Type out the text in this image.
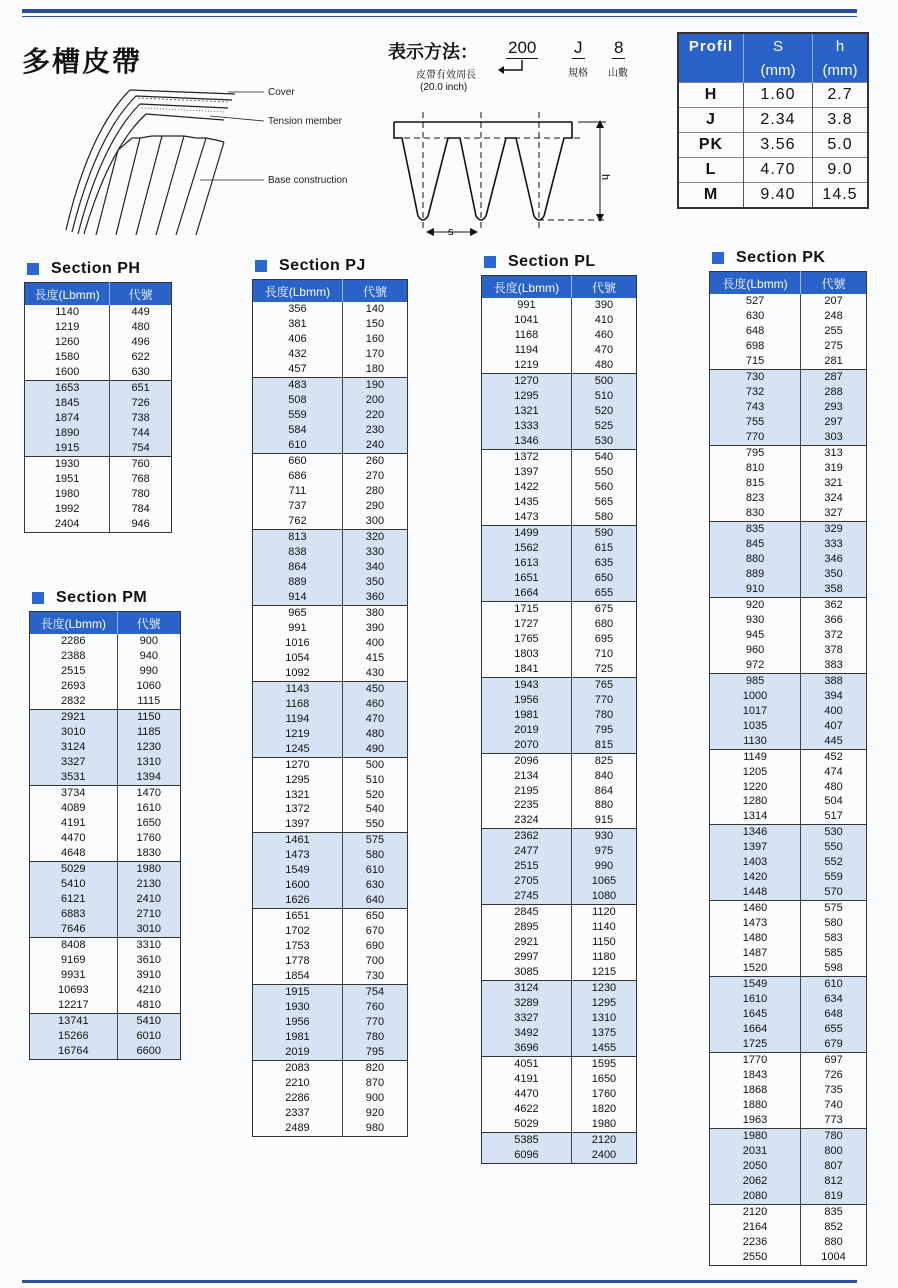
多槽皮帶
Cover
Tension member
Base construction
表示方法： 200 J 8
皮帶有效周長
(20.0 inch)
規格 山數
s
h
Profil	S	h
	(mm)	(mm)
H	1.60	2.7
J	2.34	3.8
PK	3.56	5.0
L	4.70	9.0
M	9.40	14.5
Section PH
長度(Lbmm)	代號
1140	449
1219	480
1260	496
1580	622
1600	630
1653	651
1845	726
1874	738
1890	744
1915	754
1930	760
1951	768
1980	780
1992	784
2404	946
Section PM
長度(Lbmm)	代號
2286	900
2388	940
2515	990
2693	1060
2832	1115
2921	1150
3010	1185
3124	1230
3327	1310
3531	1394
3734	1470
4089	1610
4191	1650
4470	1760
4648	1830
5029	1980
5410	2130
6121	2410
6883	2710
7646	3010
8408	3310
9169	3610
9931	3910
10693	4210
12217	4810
13741	5410
15266	6010
16764	6600
Section PJ
長度(Lbmm)	代號
356	140
381	150
406	160
432	170
457	180
483	190
508	200
559	220
584	230
610	240
660	260
686	270
711	280
737	290
762	300
813	320
838	330
864	340
889	350
914	360
965	380
991	390
1016	400
1054	415
1092	430
1143	450
1168	460
1194	470
1219	480
1245	490
1270	500
1295	510
1321	520
1372	540
1397	550
1461	575
1473	580
1549	610
1600	630
1626	640
1651	650
1702	670
1753	690
1778	700
1854	730
1915	754
1930	760
1956	770
1981	780
2019	795
2083	820
2210	870
2286	900
2337	920
2489	980
Section PL
長度(Lbmm)	代號
991	390
1041	410
1168	460
1194	470
1219	480
1270	500
1295	510
1321	520
1333	525
1346	530
1372	540
1397	550
1422	560
1435	565
1473	580
1499	590
1562	615
1613	635
1651	650
1664	655
1715	675
1727	680
1765	695
1803	710
1841	725
1943	765
1956	770
1981	780
2019	795
2070	815
2096	825
2134	840
2195	864
2235	880
2324	915
2362	930
2477	975
2515	990
2705	1065
2745	1080
2845	1120
2895	1140
2921	1150
2997	1180
3085	1215
3124	1230
3289	1295
3327	1310
3492	1375
3696	1455
4051	1595
4191	1650
4470	1760
4622	1820
5029	1980
5385	2120
6096	2400
Section PK
長度(Lbmm)	代號
527	207
630	248
648	255
698	275
715	281
730	287
732	288
743	293
755	297
770	303
795	313
810	319
815	321
823	324
830	327
835	329
845	333
880	346
889	350
910	358
920	362
930	366
945	372
960	378
972	383
985	388
1000	394
1017	400
1035	407
1130	445
1149	452
1205	474
1220	480
1280	504
1314	517
1346	530
1397	550
1403	552
1420	559
1448	570
1460	575
1473	580
1480	583
1487	585
1520	598
1549	610
1610	634
1645	648
1664	655
1725	679
1770	697
1843	726
1868	735
1880	740
1963	773
1980	780
2031	800
2050	807
2062	812
2080	819
2120	835
2164	852
2236	880
2550	1004
